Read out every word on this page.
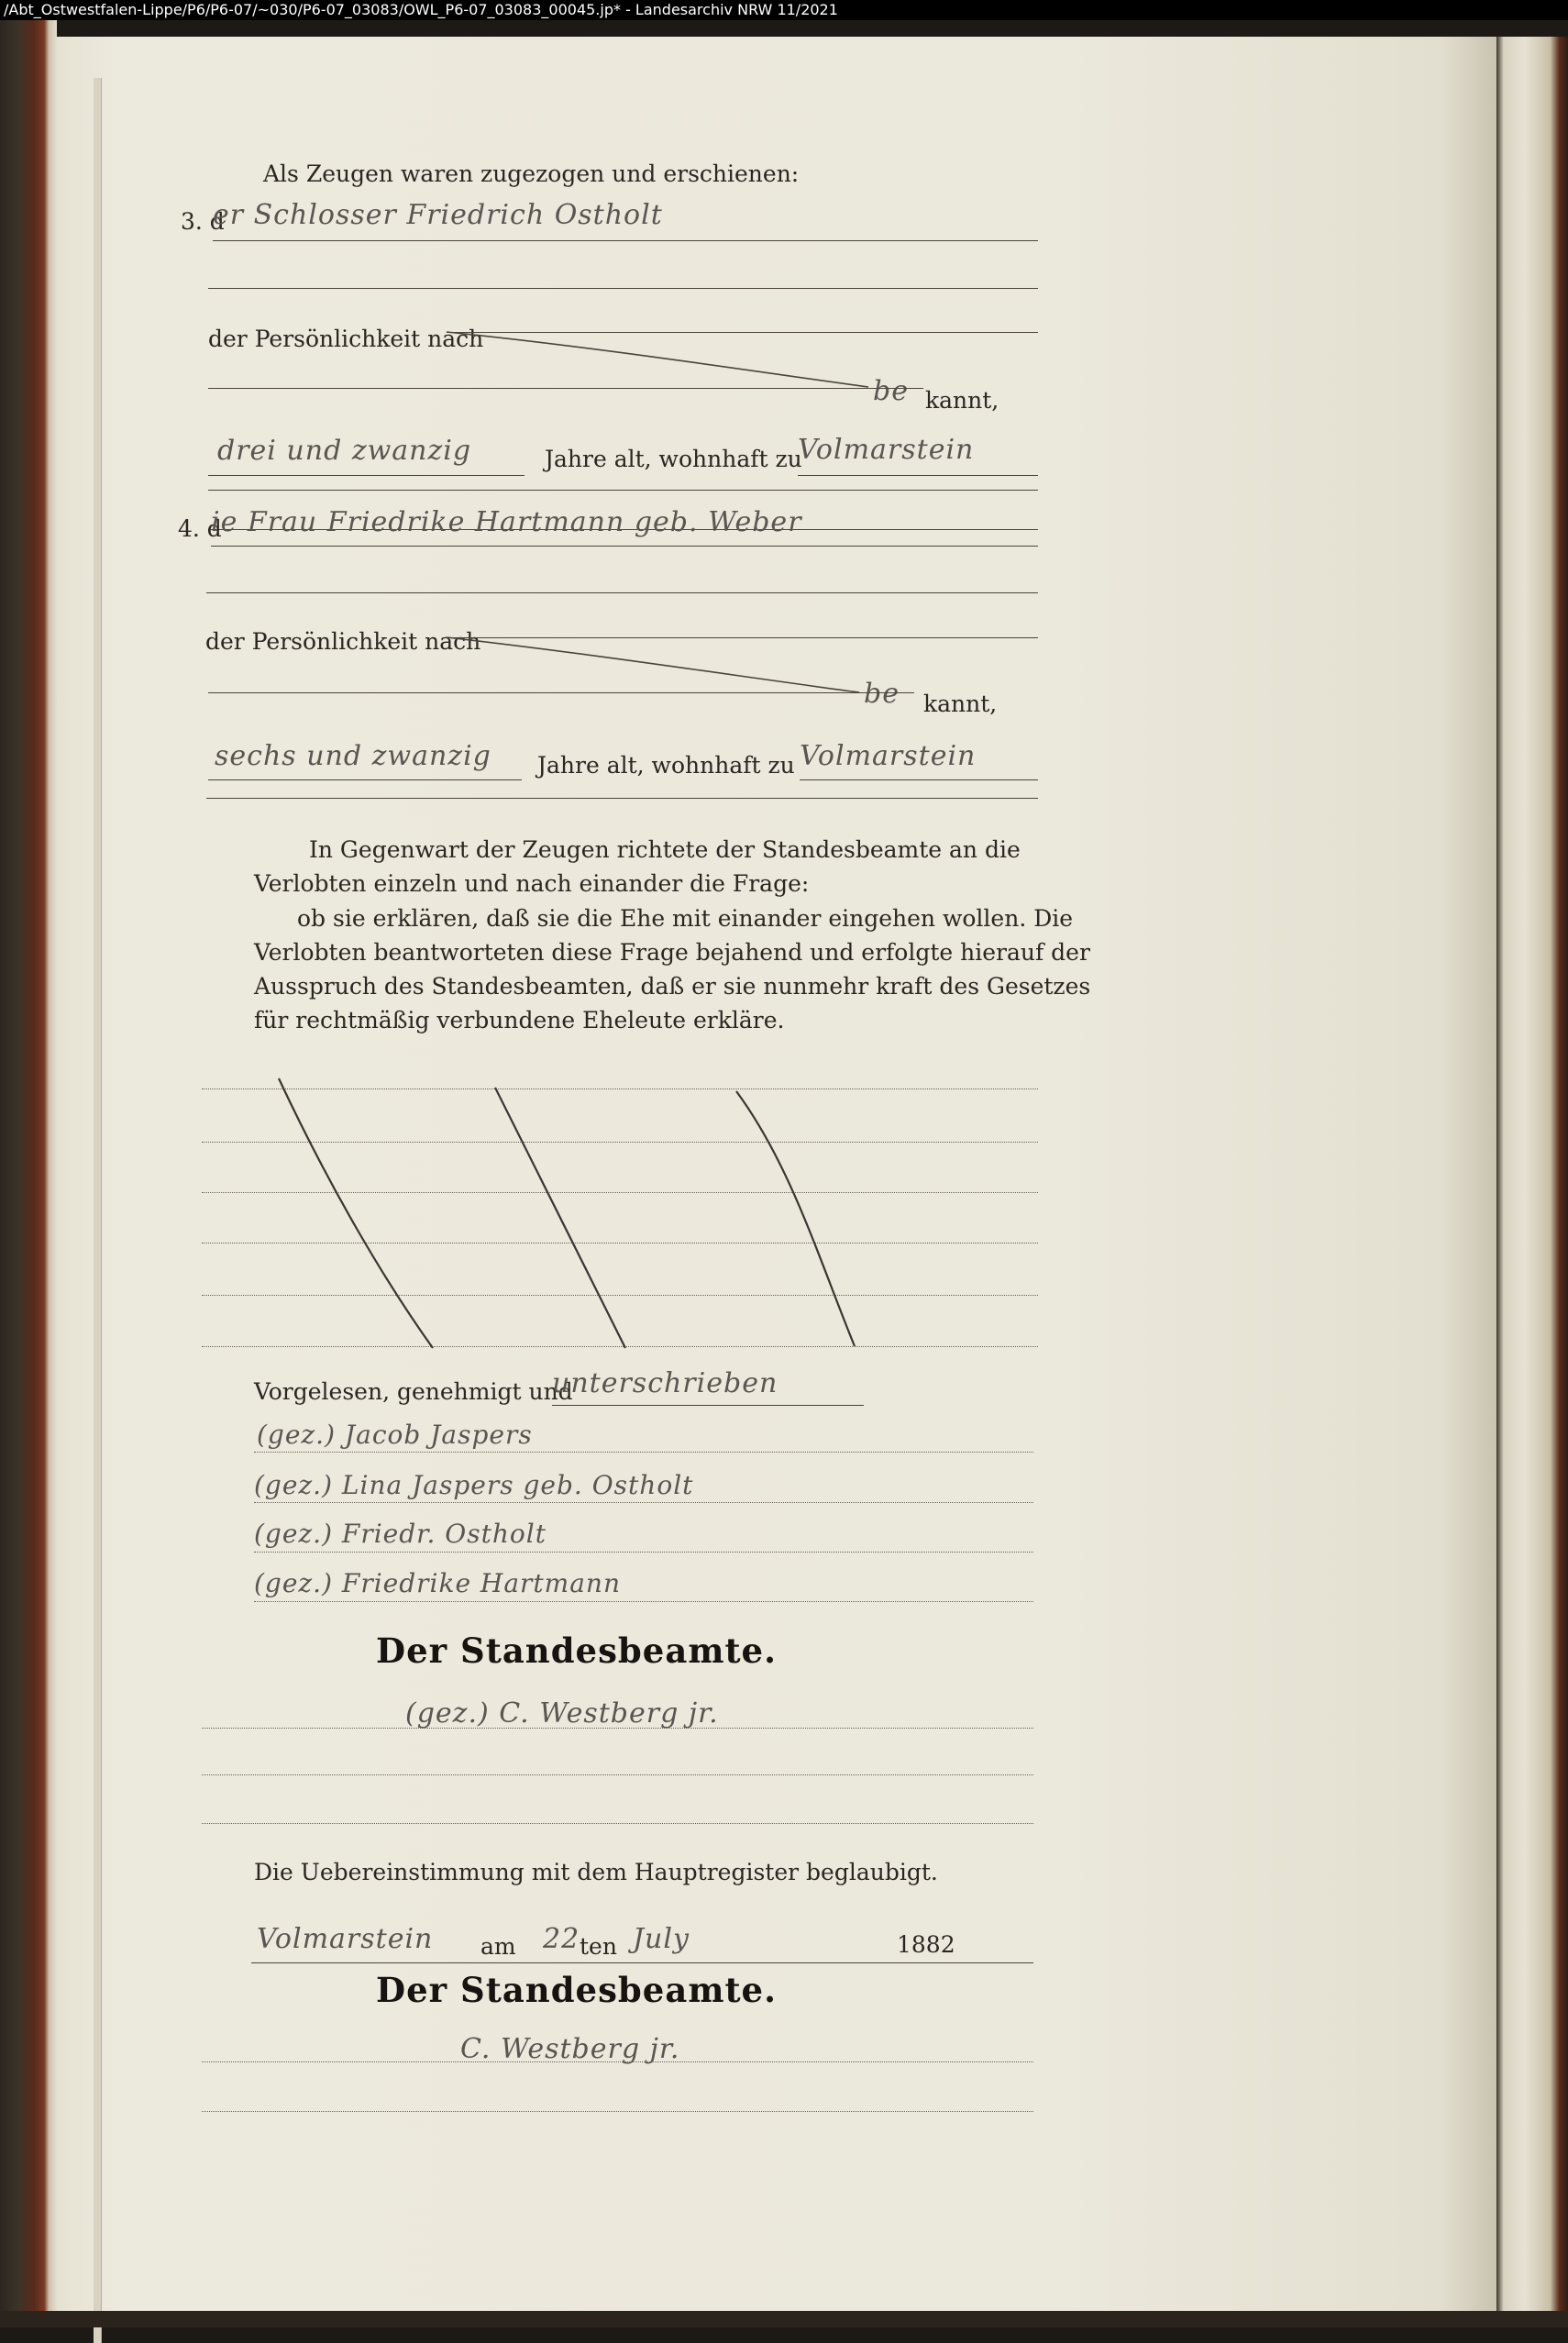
/Abt_Ostwestfalen-Lippe/P6/P6-07/~030/P6-07_03083/OWL_P6-07_03083_00045.jp* - Landesarchiv NRW 11/2021
Als Zeugen waren zugezogen und erschienen:
3. d
er Schlosser Friedrich Ostholt
der Persönlichkeit nach
be kannt,
drei und zwanzig	Jahre alt, wohnhaft zu
Volmarstein
4. d
ie Frau Friedrike Hartmann geb. Weber
der Persönlichkeit nach
be kannt,
sechs und zwanzig Jahre alt, wohnhaft zu Volmarstein
In Gegenwart der Zeugen richtete der Standesbeamte an die
Verlobten einzeln und nach einander die Frage:
ob sie erklären, daß sie die Ehe mit einander eingehen wollen. Die
Verlobten beantworteten diese Frage bejahend und erfolgte hierauf der
Ausspruch des Standesbeamten, daß er sie nunmehr kraft des Gesetzes
für rechtmäßig verbundene Eheleute erkläre.
Vorgelesen, genehmigt und
unterschrieben
(gez.) Jacob Jaspers
(gez.) Lina Jaspers geb. Ostholt
(gez.) Friedr. Ostholt
(gez.) Friedrike Hartmann
Der Standesbeamte.
(gez.) C. Westberg jr.
Die Uebereinstimmung mit dem Hauptregister beglaubigt.
Volmarstein am 22 ten July	1882
Der Standesbeamte.
C. Westberg jr.
